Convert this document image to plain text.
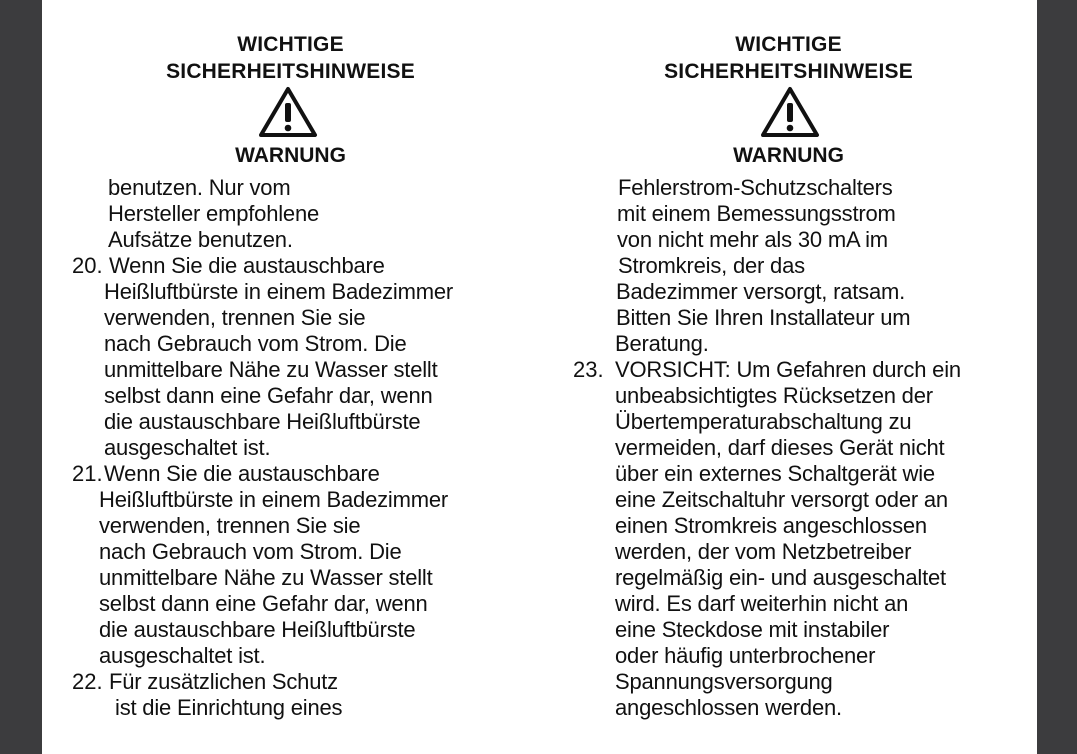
WICHTIGE
SICHERHEITSHINWEISE
WARNUNG
benutzen. Nur vom
Hersteller empfohlene
Aufsätze benutzen.
20. Wenn Sie die austauschbare
Heißluftbürste in einem Badezimmer
verwenden, trennen Sie sie
nach Gebrauch vom Strom. Die
unmittelbare Nähe zu Wasser stellt
selbst dann eine Gefahr dar, wenn
die austauschbare Heißluftbürste
ausgeschaltet ist.
21. Wenn Sie die austauschbare
Heißluftbürste in einem Badezimmer
verwenden, trennen Sie sie
nach Gebrauch vom Strom. Die
unmittelbare Nähe zu Wasser stellt
selbst dann eine Gefahr dar, wenn
die austauschbare Heißluftbürste
ausgeschaltet ist.
22. Für zusätzlichen Schutz
ist die Einrichtung eines
WICHTIGE
SICHERHEITSHINWEISE
WARNUNG
Fehlerstrom-Schutzschalters
mit einem Bemessungsstrom
von nicht mehr als 30 mA im
Stromkreis, der das
Badezimmer versorgt, ratsam.
Bitten Sie Ihren Installateur um
Beratung.
23. VORSICHT: Um Gefahren durch ein
unbeabsichtigtes Rücksetzen der
Übertemperaturabschaltung zu
vermeiden, darf dieses Gerät nicht
über ein externes Schaltgerät wie
eine Zeitschaltuhr versorgt oder an
einen Stromkreis angeschlossen
werden, der vom Netzbetreiber
regelmäßig ein- und ausgeschaltet
wird. Es darf weiterhin nicht an
eine Steckdose mit instabiler
oder häufig unterbrochener
Spannungsversorgung
angeschlossen werden.
